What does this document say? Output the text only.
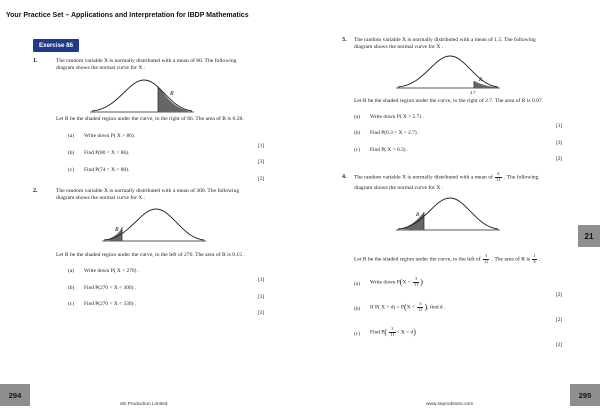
Your Practice Set – Applications and Interpretation for IBDP Mathematics
Exercise 86
1.	The random variable X is normally distributed with a mean of 80. The following
diagram shows the normal curve for X .
R
Let R be the shaded region under the curve, to the right of 86. The area of R is 0.28.
(a) Write down P( X > 86).
[1]
(b) Find P(80 < X < 86).
[3]
(c) Find P(74 < X < 80).
[2]
2.	The random variable X is normally distributed with a mean of 300. The following
diagram shows the normal curve for X .
R
Let R be the shaded region under the curve, to the left of 270. The area of R is 0.15 .
(a) Write down P( X < 270) .
[1]
(b) Find P(270 < X < 300) .
[3]
(c) Find P(270 < X < 330) .
[2]
3. The random variable X is normally distributed with a mean of 1.5. The following
diagram shows the normal curve for X .
R
2.7
Let R be the shaded region under the curve, to the right of 2.7. The area of R is 0.07.
(a) Write down P( X > 2.7) .
[1]
(b) Find P(0.3 < X < 2.7) .
[3]
(c) Find P( X > 0.3) .
[2]
4. The random variable X is normally distributed with a mean of $\frac{6}{11}$ . The following
diagram shows the normal curve for X .
R
Let R be the shaded region under the curve, to the left of $\frac{3}{11}$ . The area of R is $\frac{1}{6}$ .
(a) Write down $P(X < \frac{3}{11}$ )
[2]
(b) If P( $X > d) = P(X < \frac{3}{11}$ ), find d .
[2]
(c) Find $P( \frac{3}{11} < X < d)$
[2]
21
294	295
SE Production Limited	www.seprodstore.com
